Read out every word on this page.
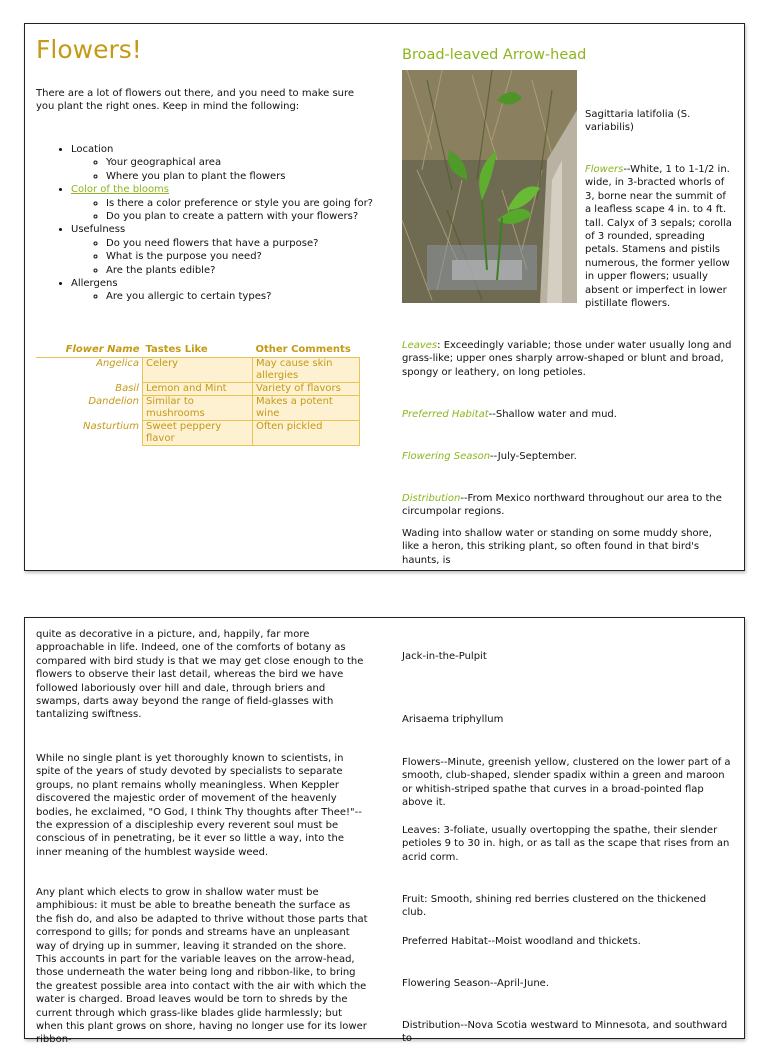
Flowers!
There are a lot of flowers out there, and you need to make sure you plant the right ones. Keep in mind the following:
• Location
◦ Your geographical area
◦ Where you plan to plant the flowers
• Color of the blooms
◦ Is there a color preference or style you are going for?
◦ Do you plan to create a pattern with your flowers?
• Usefulness
◦ Do you need flowers that have a purpose?
◦ What is the purpose you need?
◦ Are the plants edible?
• Allergens
◦ Are you allergic to certain types?
Flower Name	Tastes Like	Other Comments
Angelica	Celery	May cause skin allergies
Basil	Lemon and Mint	Variety of flavors
Dandelion	Similar to mushrooms	Makes a potent wine
Nasturtium	Sweet peppery flavor	Often pickled
Broad-leaved Arrow-head
Sagittaria latifolia (S. variabilis)
Flowers--White, 1 to 1-1/2 in. wide, in 3-bracted whorls of 3, borne near the summit of a leafless scape 4 in. to 4 ft. tall. Calyx of 3 sepals; corolla of 3 rounded, spreading petals. Stamens and pistils numerous, the former yellow in upper flowers; usually absent or imperfect in lower pistillate flowers.
Leaves: Exceedingly variable; those under water usually long and grass-like; upper ones sharply arrow-shaped or blunt and broad, spongy or leathery, on long petioles.
Preferred Habitat--Shallow water and mud.
Flowering Season--July-September.
Distribution--From Mexico northward throughout our area to the circumpolar regions.
Wading into shallow water or standing on some muddy shore, like a heron, this striking plant, so often found in that bird's haunts, is
quite as decorative in a picture, and, happily, far more approachable in life. Indeed, one of the comforts of botany as compared with bird study is that we may get close enough to the flowers to observe their last detail, whereas the bird we have followed laboriously over hill and dale, through briers and swamps, darts away beyond the range of field-glasses with tantalizing swiftness.
While no single plant is yet thoroughly known to scientists, in spite of the years of study devoted by specialists to separate groups, no plant remains wholly meaningless. When Keppler discovered the majestic order of movement of the heavenly bodies, he exclaimed, "O God, I think Thy thoughts after Thee!"--the expression of a discipleship every reverent soul must be conscious of in penetrating, be it ever so little a way, into the inner meaning of the humblest wayside weed.
Any plant which elects to grow in shallow water must be amphibious: it must be able to breathe beneath the surface as the fish do, and also be adapted to thrive without those parts that correspond to gills; for ponds and streams have an unpleasant way of drying up in summer, leaving it stranded on the shore. This accounts in part for the variable leaves on the arrow-head, those underneath the water being long and ribbon-like, to bring the greatest possible area into contact with the air with which the water is charged. Broad leaves would be torn to shreds by the current through which grass-like blades glide harmlessly; but when this plant grows on shore, having no longer use for its lower ribbon-
Jack-in-the-Pulpit
Arisaema triphyllum
Flowers--Minute, greenish yellow, clustered on the lower part of a smooth, club-shaped, slender spadix within a green and maroon or whitish-striped spathe that curves in a broad-pointed flap above it.
Leaves: 3-foliate, usually overtopping the spathe, their slender petioles 9 to 30 in. high, or as tall as the scape that rises from an acrid corm.
Fruit: Smooth, shining red berries clustered on the thickened club.
Preferred Habitat--Moist woodland and thickets.
Flowering Season--April-June.
Distribution--Nova Scotia westward to Minnesota, and southward to
